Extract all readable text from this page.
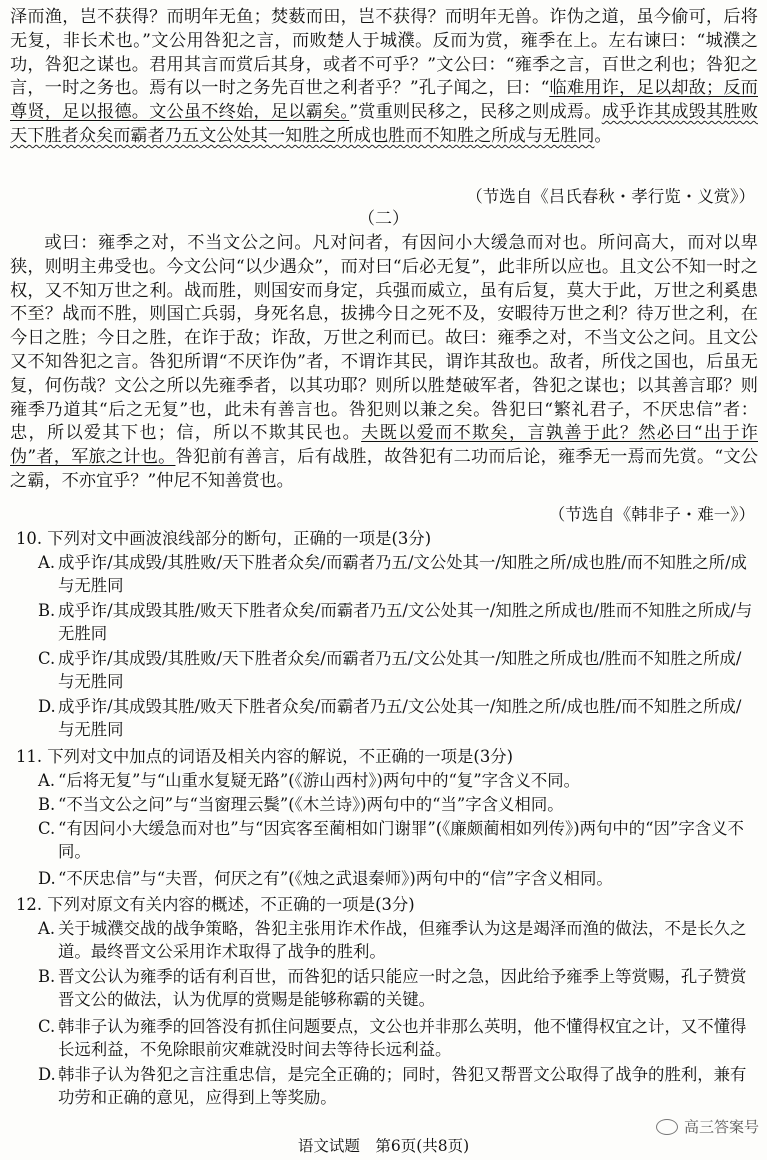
泽而渔，岂不获得？而明年无鱼；焚薮而田，岂不获得？而明年无兽。诈伪之道，虽今偷可，后将无复，非长术也。”文公用咎犯之言，而败楚人于城濮。反而为赏，雍季在上。左右谏曰：“城濮之功，咎犯之谋也。君用其言而赏后其身，或者不可乎？”文公曰：“雍季之言，百世之利也；咎犯之言，一时之务也。焉有以一时之务先百世之利者乎？”孔子闻之，曰：“临难用诈，足以却敌；反而尊贤，足以报德。文公虽不终始，足以霸矣。”赏重则民移之，民移之则成焉。成乎诈其成毁其胜败天下胜者众矣而霸者乃五文公处其一知胜之所成也胜而不知胜之所成与无胜同。
（节选自《吕氏春秋・孝行览・义赏》）
（二）
或曰：雍季之对，不当文公之问。凡对问者，有因问小大缓急而对也。所问高大，而对以卑狭，则明主弗受也。今文公问“以少遇众”，而对曰“后必无复”，此非所以应也。且文公不知一时之权，又不知万世之利。战而胜，则国安而身定，兵强而威立，虽有后复，莫大于此，万世之利奚患不至？战而不胜，则国亡兵弱，身死名息，拔拂今日之死不及，安暇待万世之利？待万世之利，在今日之胜；今日之胜，在诈于敌；诈敌，万世之利而已。故曰：雍季之对，不当文公之问。且文公又不知咎犯之言。咎犯所谓“不厌诈伪”者，不谓诈其民，谓诈其敌也。敌者，所伐之国也，后虽无复，何伤哉？文公之所以先雍季者，以其功耶？则所以胜楚破军者，咎犯之谋也；以其善言耶？则雍季乃道其“后之无复”也，此未有善言也。咎犯则以兼之矣。咎犯曰“繁礼君子，不厌忠信”者：忠，所以爱其下也；信，所以不欺其民也。夫既以爱而不欺矣，言孰善于此？然必曰“出于诈伪”者，军旅之计也。咎犯前有善言，后有战胜，故咎犯有二功而后论，雍季无一焉而先赏。“文公之霸，不亦宜乎？”仲尼不知善赏也。
（节选自《韩非子・难一》）
10. 下列对文中画波浪线部分的断句，正确的一项是(3分)
A. 成乎诈/其成毁/其胜败/天下胜者众矣/而霸者乃五/文公处其一/知胜之所/成也胜/而不知胜之所/成与无胜同
B. 成乎诈/其成毁其胜/败天下胜者众矣/而霸者乃五/文公处其一/知胜之所成也/胜而不知胜之所成/与无胜同
C. 成乎诈/其成毁/其胜败/天下胜者众矣/而霸者乃五/文公处其一/知胜之所成也/胜而不知胜之所成/与无胜同
D. 成乎诈/其成毁其胜/败天下胜者众矣/而霸者乃五/文公处其一/知胜之所/成也胜/而不知胜之所成/与无胜同
11. 下列对文中加点的词语及相关内容的解说，不正确的一项是(3分)
A. “后将无复”与“山重水复疑无路”(《游山西村》)两句中的“复”字含义不同。
B. “不当文公之问”与“当窗理云鬓”(《木兰诗》)两句中的“当”字含义相同。
C. “有因问小大缓急而对也”与“因宾客至蔺相如门谢罪”(《廉颇蔺相如列传》)两句中的“因”字含义不同。
D. “不厌忠信”与“夫晋，何厌之有”(《烛之武退秦师》)两句中的“信”字含义相同。
12. 下列对原文有关内容的概述，不正确的一项是(3分)
A. 关于城濮交战的战争策略，咎犯主张用诈术作战，但雍季认为这是竭泽而渔的做法，不是长久之道。最终晋文公采用诈术取得了战争的胜利。
B. 晋文公认为雍季的话有利百世，而咎犯的话只能应一时之急，因此给予雍季上等赏赐，孔子赞赏晋文公的做法，认为优厚的赏赐是能够称霸的关键。
C. 韩非子认为雍季的回答没有抓住问题要点，文公也并非那么英明，他不懂得权宜之计，又不懂得长远利益，不免除眼前灾难就没时间去等待长远利益。
D. 韩非子认为咎犯之言注重忠信，是完全正确的；同时，咎犯又帮晋文公取得了战争的胜利，兼有功劳和正确的意见，应得到上等奖励。
高三答案号
语文试题　第6页(共8页)
